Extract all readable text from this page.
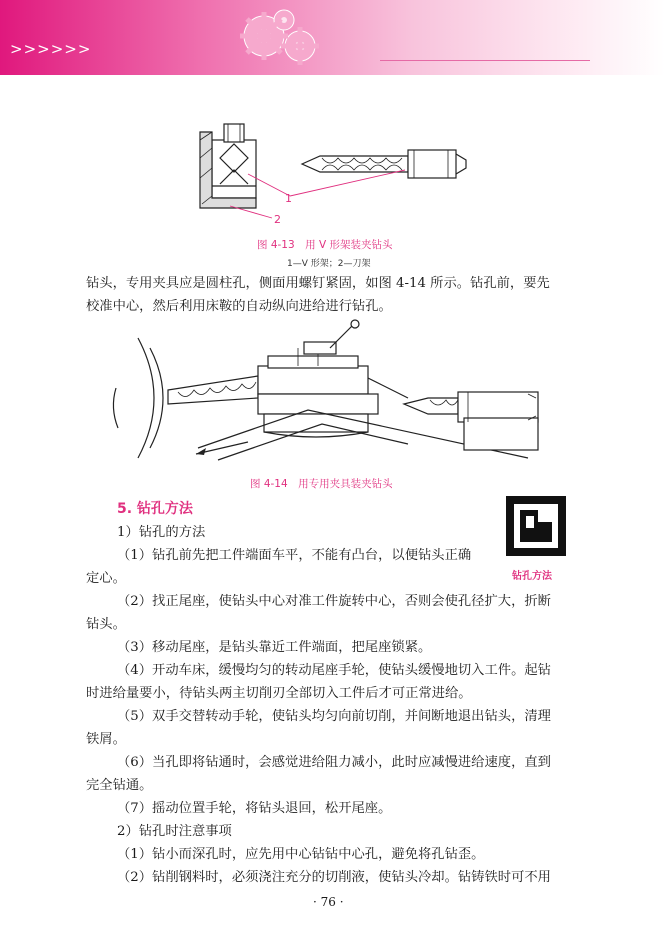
>>>>>>
1
2
图 4-13　用 V 形架装夹钻头
1—V 形架；2—刀架
钻头，专用夹具应是圆柱孔，侧面用螺钉紧固，如图 4-14 所示。钻孔前，要先
校准中心，然后利用床鞍的自动纵向进给进行钻孔。
图 4-14　用专用夹具装夹钻头
5. 钻孔方法
钻孔方法
1）钻孔的方法
（1）钻孔前先把工件端面车平，不能有凸台，以便钻头正确
定心。
（2）找正尾座，使钻头中心对准工件旋转中心，否则会使孔径扩大，折断
钻头。
（3）移动尾座，是钻头靠近工件端面，把尾座锁紧。
（4）开动车床，缓慢均匀的转动尾座手轮，使钻头缓慢地切入工件。起钻
时进给量要小，待钻头两主切削刃全部切入工件后才可正常进给。
（5）双手交替转动手轮，使钻头均匀向前切削，并间断地退出钻头，清理
铁屑。
（6）当孔即将钻通时，会感觉进给阻力减小，此时应减慢进给速度，直到
完全钻通。
（7）摇动位置手轮，将钻头退回，松开尾座。
2）钻孔时注意事项
（1）钻小而深孔时，应先用中心钻钻中心孔，避免将孔钻歪。
（2）钻削钢料时，必须浇注充分的切削液，使钻头冷却。钻铸铁时可不用
· 76 ·
